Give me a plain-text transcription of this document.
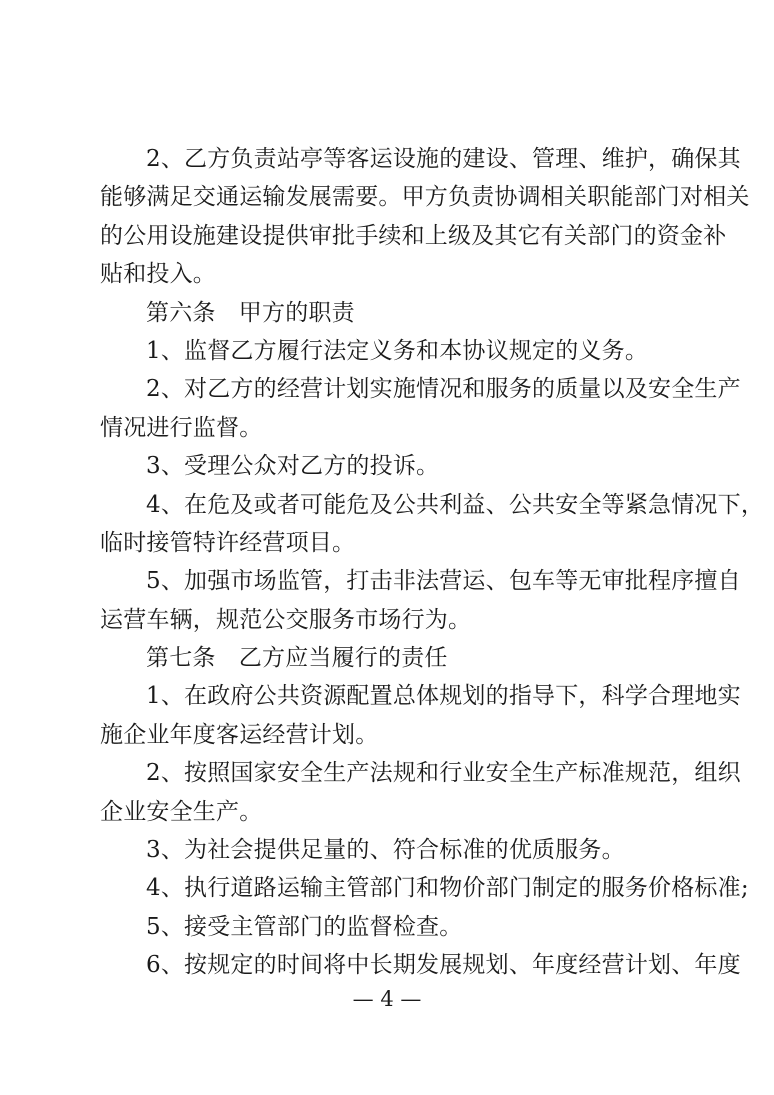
2、乙方负责站亭等客运设施的建设、管理、维护，确保其
能够满足交通运输发展需要。甲方负责协调相关职能部门对相关
的公用设施建设提供审批手续和上级及其它有关部门的资金补
贴和投入。
第六条　甲方的职责
1、监督乙方履行法定义务和本协议规定的义务。
2、对乙方的经营计划实施情况和服务的质量以及安全生产
情况进行监督。
3、受理公众对乙方的投诉。
4、在危及或者可能危及公共利益、公共安全等紧急情况下，
临时接管特许经营项目。
5、加强市场监管，打击非法营运、包车等无审批程序擅自
运营车辆，规范公交服务市场行为。
第七条　乙方应当履行的责任
1、在政府公共资源配置总体规划的指导下，科学合理地实
施企业年度客运经营计划。
2、按照国家安全生产法规和行业安全生产标准规范，组织
企业安全生产。
3、为社会提供足量的、符合标准的优质服务。
4、执行道路运输主管部门和物价部门制定的服务价格标准;
5、接受主管部门的监督检查。
6、按规定的时间将中长期发展规划、年度经营计划、年度
— 4 —
